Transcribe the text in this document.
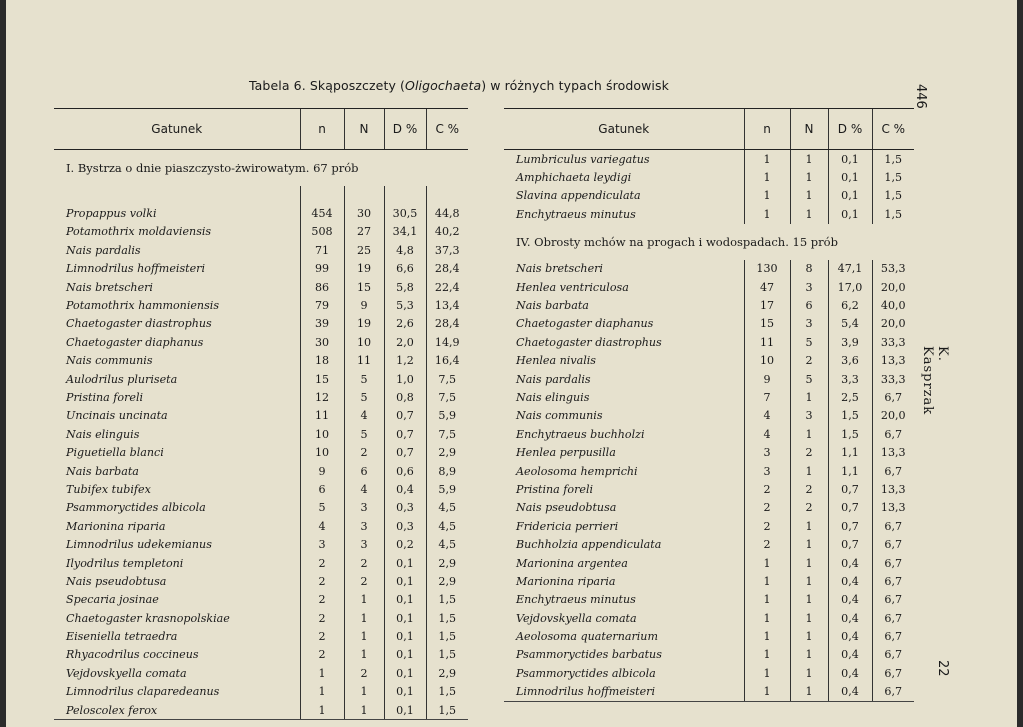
Tabela 6. Skąposzczety (Oligochaeta) w różnych typach środowisk	446
K. Kasprzak
22
Gatunek	n	N	D %	C %
I. Bystrza o dnie piaszczysto-żwirowatym. 67 prób				

Propappus volki	454	30	30,5	44,8
Potamothrix moldaviensis	508	27	34,1	40,2
Nais pardalis	71	25	4,8	37,3
Limnodrilus hoffmeisteri	99	19	6,6	28,4
Nais bretscheri	86	15	5,8	22,4
Potamothrix hammoniensis	79	9	5,3	13,4
Chaetogaster diastrophus	39	19	2,6	28,4
Chaetogaster diaphanus	30	10	2,0	14,9
Nais communis	18	11	1,2	16,4
Aulodrilus pluriseta	15	5	1,0	7,5
Pristina foreli	12	5	0,8	7,5
Uncinais uncinata	11	4	0,7	5,9
Nais elinguis	10	5	0,7	7,5
Piguetiella blanci	10	2	0,7	2,9
Nais barbata	9	6	0,6	8,9
Tubifex tubifex	6	4	0,4	5,9
Psammoryctides albicola	5	3	0,3	4,5
Marionina riparia	4	3	0,3	4,5
Limnodrilus udekemianus	3	3	0,2	4,5
Ilyodrilus templetoni	2	2	0,1	2,9
Nais pseudobtusa	2	2	0,1	2,9
Specaria josinae	2	1	0,1	1,5
Chaetogaster krasnopolskiae	2	1	0,1	1,5
Eiseniella tetraedra	2	1	0,1	1,5
Rhyacodrilus coccineus	2	1	0,1	1,5
Vejdovskyella comata	1	2	0,1	2,9
Limnodrilus claparedeanus	1	1	0,1	1,5
Peloscolex ferox	1	1	0,1	1,5
Gatunek	n	N	D %	C %
Lumbriculus variegatus	1	1	0,1	1,5
Amphichaeta leydigi	1	1	0,1	1,5
Slavina appendiculata	1	1	0,1	1,5
Enchytraeus minutus	1	1	0,1	1,5
IV. Obrosty mchów na progach i wodospadach. 15 prób				
Nais bretscheri	130	8	47,1	53,3
Henlea ventriculosa	47	3	17,0	20,0
Nais barbata	17	6	6,2	40,0
Chaetogaster diaphanus	15	3	5,4	20,0
Chaetogaster diastrophus	11	5	3,9	33,3
Henlea nivalis	10	2	3,6	13,3
Nais pardalis	9	5	3,3	33,3
Nais elinguis	7	1	2,5	6,7
Nais communis	4	3	1,5	20,0
Enchytraeus buchholzi	4	1	1,5	6,7
Henlea perpusilla	3	2	1,1	13,3
Aeolosoma hemprichi	3	1	1,1	6,7
Pristina foreli	2	2	0,7	13,3
Nais pseudobtusa	2	2	0,7	13,3
Fridericia perrieri	2	1	0,7	6,7
Buchholzia appendiculata	2	1	0,7	6,7
Marionina argentea	1	1	0,4	6,7
Marionina riparia	1	1	0,4	6,7
Enchytraeus minutus	1	1	0,4	6,7
Vejdovskyella comata	1	1	0,4	6,7
Aeolosoma quaternarium	1	1	0,4	6,7
Psammoryctides barbatus	1	1	0,4	6,7
Psammoryctides albicola	1	1	0,4	6,7
Limnodrilus hoffmeisteri	1	1	0,4	6,7
